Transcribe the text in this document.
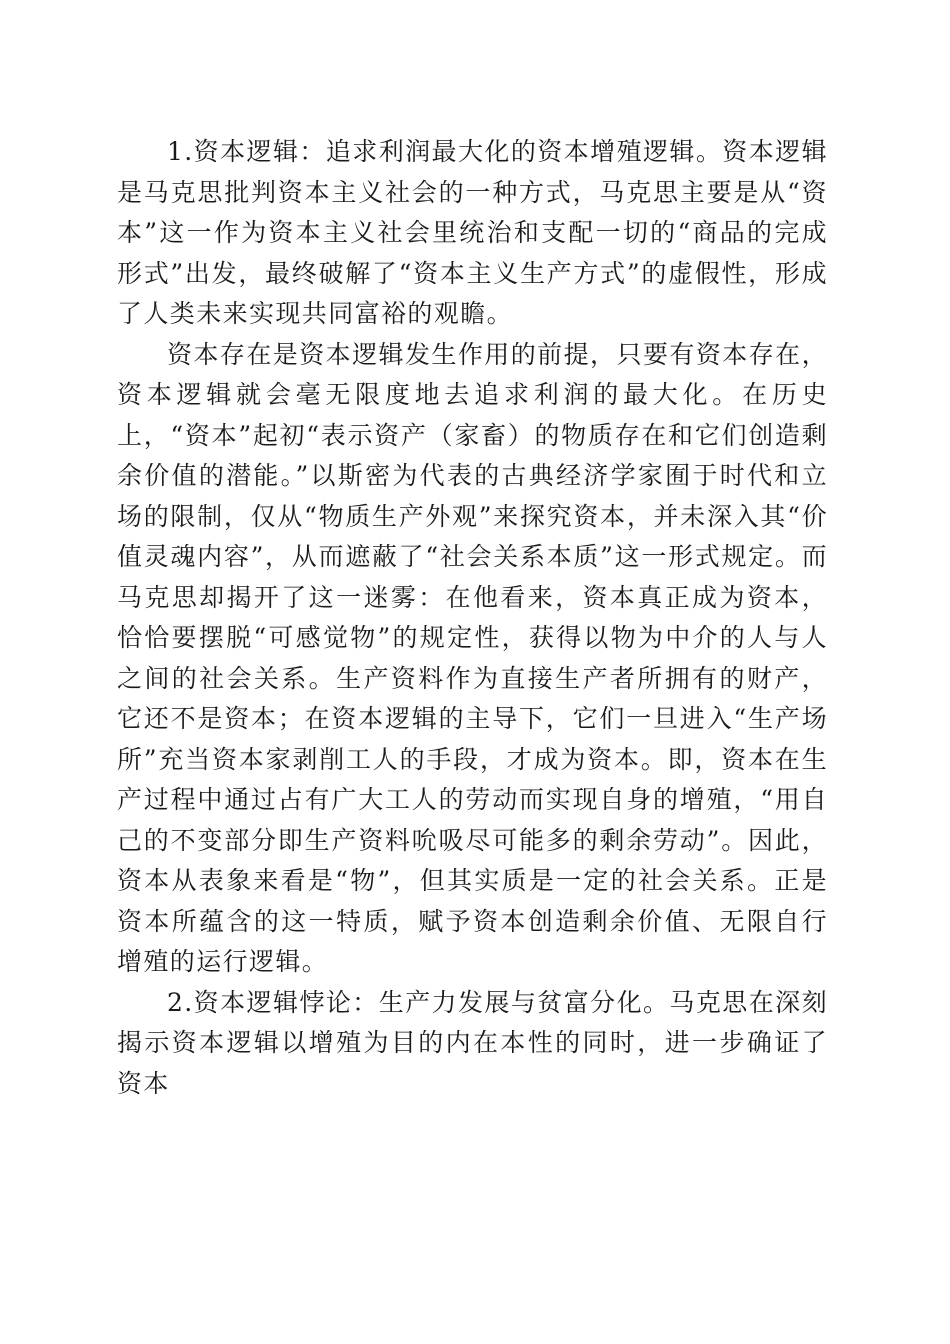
1.资本逻辑：追求利润最大化的资本增殖逻辑。资本逻辑是马克思批判资本主义社会的一种方式，马克思主要是从“资本”这一作为资本主义社会里统治和支配一切的“商品的完成形式”出发，最终破解了“资本主义生产方式”的虚假性，形成了人类未来实现共同富裕的观瞻。

资本存在是资本逻辑发生作用的前提，只要有资本存在，资本逻辑就会毫无限度地去追求利润的最大化。在历史上，“资本”起初“表示资产（家畜）的物质存在和它们创造剩余价值的潜能。”以斯密为代表的古典经济学家囿于时代和立场的限制，仅从“物质生产外观”来探究资本，并未深入其“价值灵魂内容”，从而遮蔽了“社会关系本质”这一形式规定。而马克思却揭开了这一迷雾：在他看来，资本真正成为资本，恰恰要摆脱“可感觉物”的规定性，获得以物为中介的人与人之间的社会关系。生产资料作为直接生产者所拥有的财产，它还不是资本；在资本逻辑的主导下，它们一旦进入“生产场所”充当资本家剥削工人的手段，才成为资本。即，资本在生产过程中通过占有广大工人的劳动而实现自身的增殖，“用自己的不变部分即生产资料吮吸尽可能多的剩余劳动”。因此，资本从表象来看是“物”，但其实质是一定的社会关系。正是资本所蕴含的这一特质，赋予资本创造剩余价值、无限自行增殖的运行逻辑。

2.资本逻辑悖论：生产力发展与贫富分化。马克思在深刻揭示资本逻辑以增殖为目的内在本性的同时，进一步确证了资本
